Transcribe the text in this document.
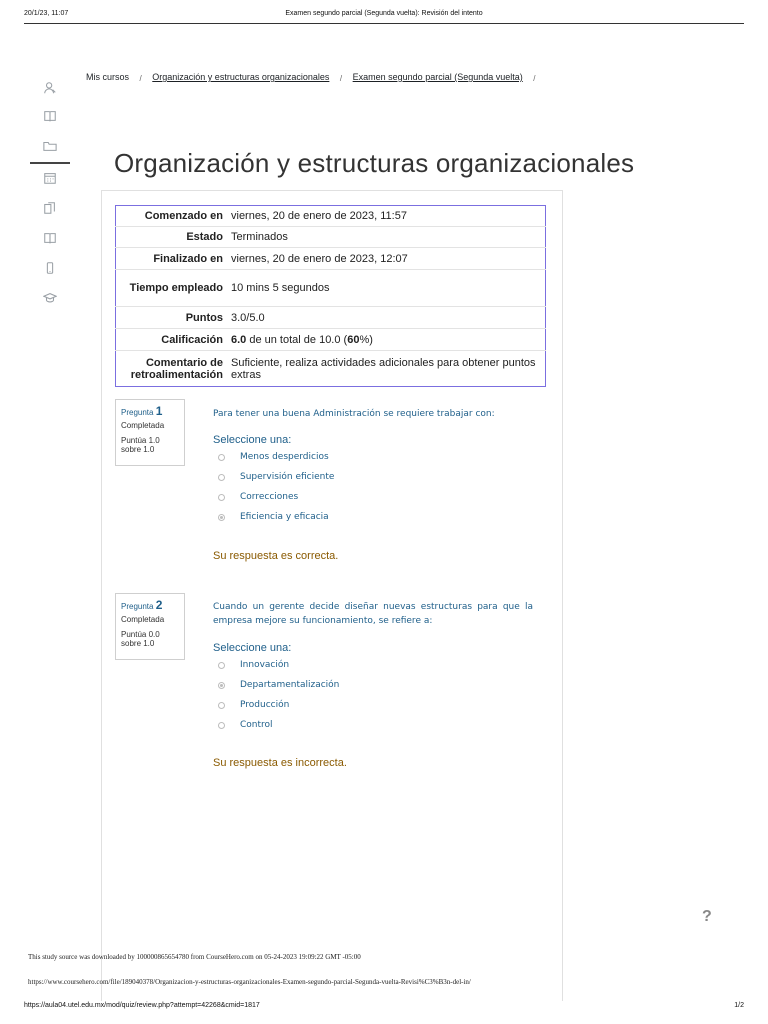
20/1/23, 11:07	Examen segundo parcial (Segunda vuelta): Revisión del intento
Mis cursos / Organización y estructuras organizacionales / Examen segundo parcial (Segunda vuelta) /
Organización y estructuras organizacionales
Comenzado en	viernes, 20 de enero de 2023, 11:57
Estado	Terminados
Finalizado en	viernes, 20 de enero de 2023, 12:07
Tiempo empleado	10 mins 5 segundos
Puntos	3.0/5.0
Calificación	6.0 de un total de 10.0 (60%)
Comentario de retroalimentación	Suficiente, realiza actividades adicionales para obtener puntos extras
Pregunta 1
Completada
Puntúa 1.0 sobre 1.0
Para tener una buena Administración se requiere trabajar con:
Seleccione una:
Menos desperdicios
Supervisión eficiente
Correcciones
Eficiencia y eficacia
Su respuesta es correcta.
Pregunta 2
Completada
Puntúa 0.0 sobre 1.0
Cuando un gerente decide diseñar nuevas estructuras para que la empresa mejore su funcionamiento, se refiere a:
Seleccione una:
Innovación
Departamentalización
Producción
Control
Su respuesta es incorrecta.
?
This study source was downloaded by 100000865654780 from CourseHero.com on 05-24-2023 19:09:22 GMT -05:00
https://www.coursehero.com/file/189040378/Organizacion-y-estructuras-organizacionales-Examen-segundo-parcial-Segunda-vuelta-Revisi%C3%B3n-del-in/
https://aula04.utel.edu.mx/mod/quiz/review.php?attempt=42268&cmid=1817	1/2
